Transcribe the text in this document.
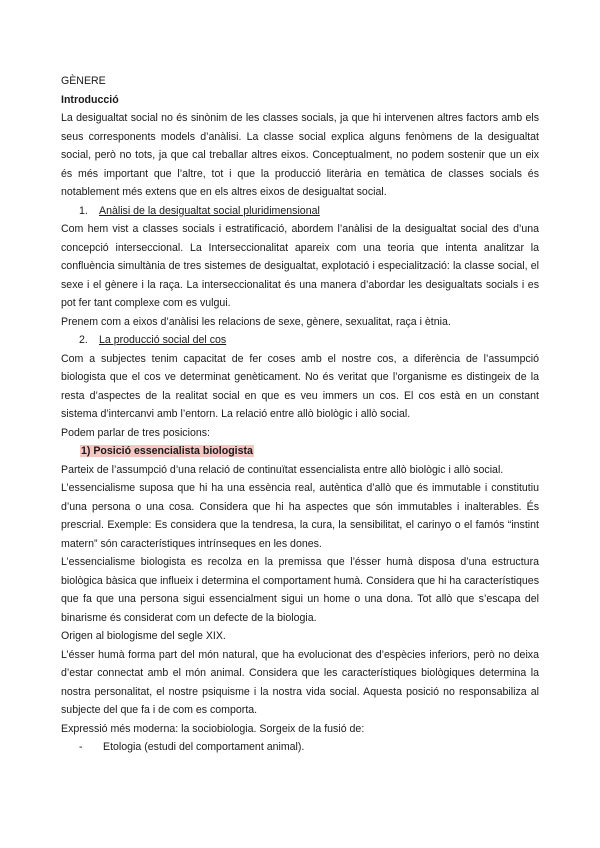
GÈNERE

Introducció

La desigualtat social no és sinònim de les classes socials, ja que hi intervenen altres factors amb els seus corresponents models d’anàlisi. La classe social explica alguns fenòmens de la desigualtat social, però no tots, ja que cal treballar altres eixos. Conceptualment, no podem sostenir que un eix és més important que l’altre, tot i que la producció literària en temàtica de classes socials és notablement més extens que en els altres eixos de desigualtat social.

1.	Anàlisi de la desigualtat social pluridimensional

Com hem vist a classes socials i estratificació, abordem l’anàlisi de la desigualtat social des d’una concepció interseccional. La Interseccionalitat apareix com una teoria que intenta analitzar la confluència simultània de tres sistemes de desigualtat, explotació i especialització: la classe social, el sexe i el gènere i la raça. La interseccionalitat és una manera d’abordar les desigualtats socials i es pot fer tant complexe com es vulgui.

Prenem com a eixos d’anàlisi les relacions de sexe, gènere, sexualitat, raça i ètnia.

2.	La producció social del cos

Com a subjectes tenim capacitat de fer coses amb el nostre cos, a diferència de l’assumpció biologista que el cos ve determinat genèticament. No és veritat que l’organisme es distingeix de la resta d’aspectes de la realitat social en que es veu immers un cos. El cos està en un constant sistema d’intercanvi amb l’entorn. La relació entre allò biològic i allò social.

Podem parlar de tres posicions:

1) Posició essencialista biologista

Parteix de l’assumpció d’una relació de continuïtat essencialista entre allò biològic i allò social.

L’essencialisme suposa que hi ha una essència real, autèntica d’allò que és immutable i constitutiu d’una persona o una cosa. Considera que hi ha aspectes que són immutables i inalterables. És prescrial. Exemple: Es considera que la tendresa, la cura, la sensibilitat, el carinyo o el famós “instint matern” són característiques intrínseques en les dones.

L’essencialisme biologista es recolza en la premissa que l’ésser humà disposa d’una estructura biològica bàsica que influeix i determina el comportament humà. Considera que hi ha característiques que fa que una persona sigui essencialment sigui un home o una dona. Tot allò que s’escapa del binarisme és considerat com un defecte de la biologia.

Origen al biologisme del segle XIX.

L’ésser humà forma part del món natural, que ha evolucionat des d’espècies inferiors, però no deixa d’estar connectat amb el món animal. Considera que les característiques biològiques determina la nostra personalitat, el nostre psiquisme i la nostra vida social. Aquesta posició no responsabiliza al subjecte del que fa i de com es comporta.

Expressió més moderna: la sociobiologia. Sorgeix de la fusió de:

-	Etologia (estudi del comportament animal).
